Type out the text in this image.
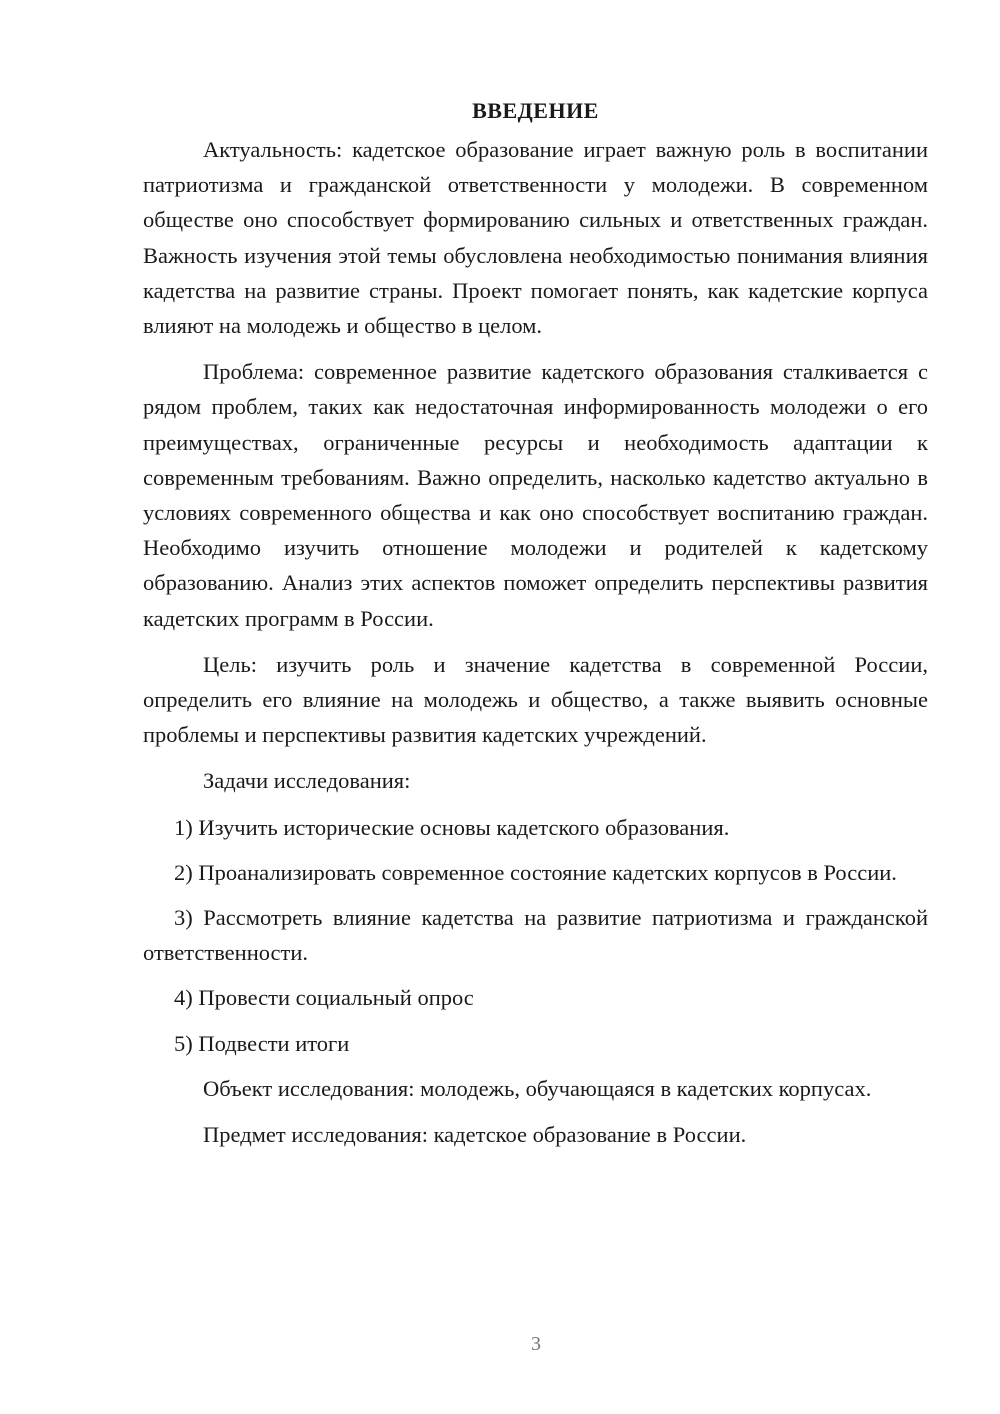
ВВЕДЕНИЕ

Актуальность: кадетское образование играет важную роль в воспитании патриотизма и гражданской ответственности у молодежи. В современном обществе оно способствует формированию сильных и ответственных граждан. Важность изучения этой темы обусловлена необходимостью понимания влияния кадетства на развитие страны. Проект помогает понять, как кадетские корпуса влияют на молодежь и общество в целом.

Проблема: современное развитие кадетского образования сталкивается с рядом проблем, таких как недостаточная информированность молодежи о его преимуществах, ограниченные ресурсы и необходимость адаптации к современным требованиям. Важно определить, насколько кадетство актуально в условиях современного общества и как оно способствует воспитанию граждан. Необходимо изучить отношение молодежи и родителей к кадетскому образованию. Анализ этих аспектов поможет определить перспективы развития кадетских программ в России.

Цель: изучить роль и значение кадетства в современной России, определить его влияние на молодежь и общество, а также выявить основные проблемы и перспективы развития кадетских учреждений.

Задачи исследования:

1) Изучить исторические основы кадетского образования.

2) Проанализировать современное состояние кадетских корпусов в России.

3) Рассмотреть влияние кадетства на развитие патриотизма и гражданской ответственности.

4) Провести социальный опрос

5) Подвести итоги

Объект исследования: молодежь, обучающаяся в кадетских корпусах.

Предмет исследования: кадетское образование в России.

3
